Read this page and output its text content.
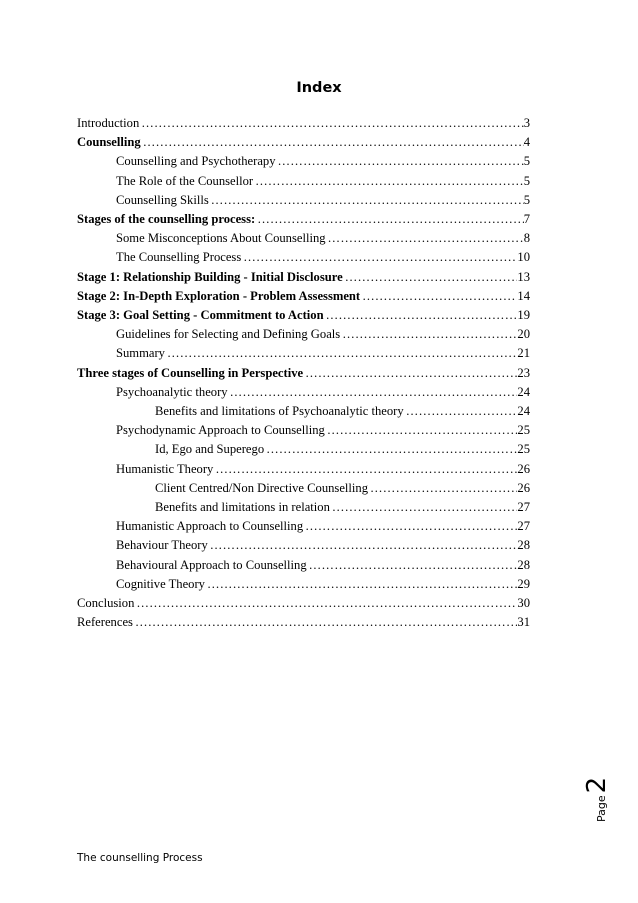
Index
Introduction ………………………………………………………………………………………………………………………………………	3
Counselling ………………………………………………………………………………………………………………………………………	4
Counselling and Psychotherapy ………………………………………………………………………………………………………………………………………	5
The Role of the Counsellor ………………………………………………………………………………………………………………………………………	5
Counselling Skills ………………………………………………………………………………………………………………………………………	5
Stages of the counselling process: ………………………………………………………………………………………………………………………………………	7
Some Misconceptions About Counselling ………………………………………………………………………………………………………………………………………	8
The Counselling Process ………………………………………………………………………………………………………………………………………	10
Stage 1: Relationship Building - Initial Disclosure ………………………………………………………………………………………………………………………………………	13
Stage 2: In-Depth Exploration - Problem Assessment ………………………………………………………………………………………………………………………………………	14
Stage 3: Goal Setting - Commitment to Action ………………………………………………………………………………………………………………………………………	19
Guidelines for Selecting and Defining Goals ………………………………………………………………………………………………………………………………………	20
Summary ………………………………………………………………………………………………………………………………………	21
Three stages of Counselling in Perspective ………………………………………………………………………………………………………………………………………	23
Psychoanalytic theory ………………………………………………………………………………………………………………………………………	24
Benefits and limitations of Psychoanalytic theory ………………………………………………………………………………………………………………………………………	24
Psychodynamic Approach to Counselling ………………………………………………………………………………………………………………………………………	25
Id, Ego and Superego ………………………………………………………………………………………………………………………………………	25
Humanistic Theory ………………………………………………………………………………………………………………………………………	26
Client Centred/Non Directive Counselling ………………………………………………………………………………………………………………………………………	26
Benefits and limitations in relation ………………………………………………………………………………………………………………………………………	27
Humanistic Approach to Counselling ………………………………………………………………………………………………………………………………………	27
Behaviour Theory ………………………………………………………………………………………………………………………………………	28
Behavioural Approach to Counselling ………………………………………………………………………………………………………………………………………	28
Cognitive Theory ………………………………………………………………………………………………………………………………………	29
Conclusion ………………………………………………………………………………………………………………………………………	30
References ………………………………………………………………………………………………………………………………………	31
The counselling Process
Page
2
